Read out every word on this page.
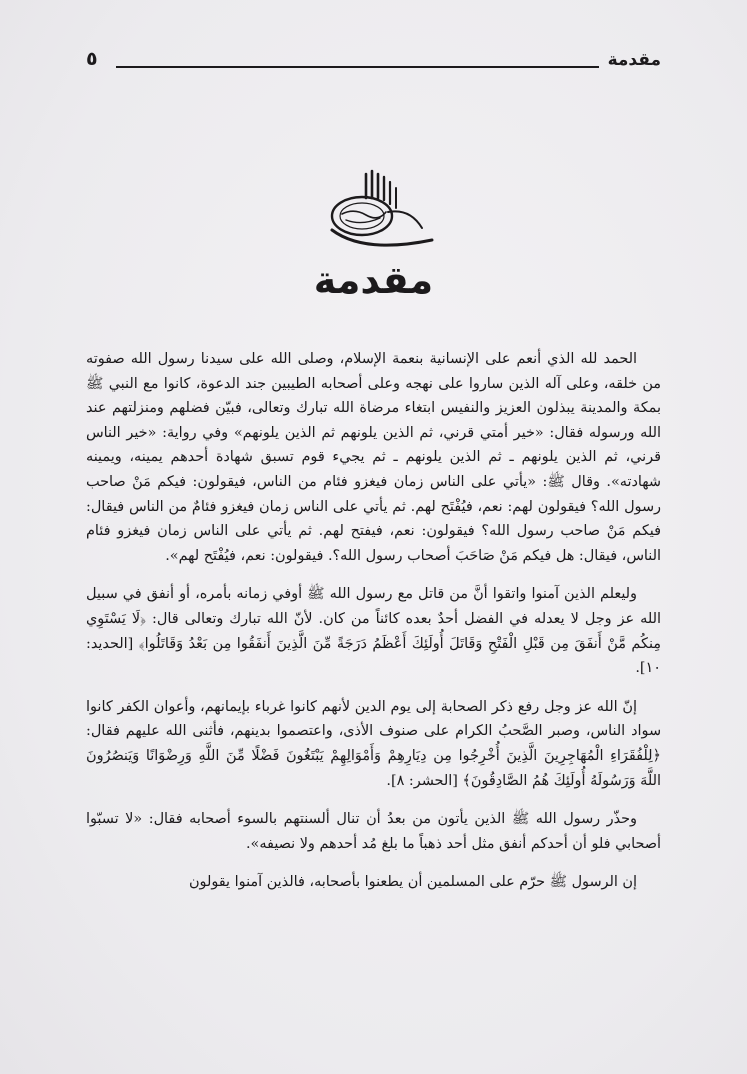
مقدمة
٥
مقدمة

الحمد لله الذي أنعم على الإنسانية بنعمة الإسلام، وصلى الله على سيدنا رسول الله صفوته من خلقه، وعلى آله الذين ساروا على نهجه وعلى أصحابه الطيبين جند الدعوة، كانوا مع النبي ﷺ بمكة والمدينة يبذلون العزيز والنفيس ابتغاء مرضاة الله تبارك وتعالى، فبيّن فضلهم ومنزلتهم عند الله ورسوله فقال: «خير أمتي قرني، ثم الذين يلونهم ثم الذين يلونهم» وفي رواية: «خير الناس قرني، ثم الذين يلونهم ـ ثم الذين يلونهم ـ ثم يجيء قوم تسبق شهادة أحدهم يمينه، ويمينه شهادته». وقال ﷺ: «يأتي على الناس زمان فيغزو فئام من الناس، فيقولون: فيكم مَنْ صاحب رسول الله؟ فيقولون لهم: نعم، فيُفْتَح لهم. ثم يأتي على الناس زمان فيغزو فئامٌ من الناس فيقال: فيكم مَنْ صاحب رسول الله؟ فيقولون: نعم، فيفتح لهم. ثم يأتي على الناس زمان فيغزو فئام الناس، فيقال: هل فيكم مَنْ صَاحَبَ أصحاب رسول الله؟. فيقولون: نعم، فيُفْتَح لهم».

وليعلم الذين آمنوا واتقوا أنَّ من قاتل مع رسول الله ﷺ أوفي زمانه بأمره، أو أنفق في سبيل الله عز وجل لا يعدله في الفضل أحدٌ بعده كائناً من كان. لأنّ الله تبارك وتعالى قال: ﴿لَا يَسْتَوِي مِنكُم مَّنْ أَنفَقَ مِن قَبْلِ الْفَتْحِ وَقَاتَلَ أُولَئِكَ أَعْظَمُ دَرَجَةً مِّنَ الَّذِينَ أَنفَقُوا مِن بَعْدُ وَقَاتَلُوا﴾ [الحديد: ١٠].

إنّ الله عز وجل رفع ذكر الصحابة إلى يوم الدين لأنهم كانوا غرباء بإيمانهم، وأعوان الكفر كانوا سواد الناس، وصبر الصَّحبُ الكرام على صنوف الأذى، واعتصموا بدينهم، فأثنى الله عليهم فقال: ﴿لِلْفُقَرَاءِ الْمُهَاجِرِينَ الَّذِينَ أُخْرِجُوا مِن دِيَارِهِمْ وَأَمْوَالِهِمْ يَبْتَغُونَ فَضْلًا مِّنَ اللَّهِ وَرِضْوَانًا وَيَنصُرُونَ اللَّهَ وَرَسُولَهُ أُولَئِكَ هُمُ الصَّادِقُونَ﴾ [الحشر: ٨].

وحذّر رسول الله ﷺ الذين يأتون من بعدُ أن تنال ألسنتهم بالسوء أصحابه فقال: «لا تسبّوا أصحابي فلو أن أحدكم أنفق مثل أحد ذهباً ما بلغ مُد أحدهم ولا نصيفه».

إن الرسول ﷺ حرّم على المسلمين أن يطعنوا بأصحابه، فالذين آمنوا يقولون
